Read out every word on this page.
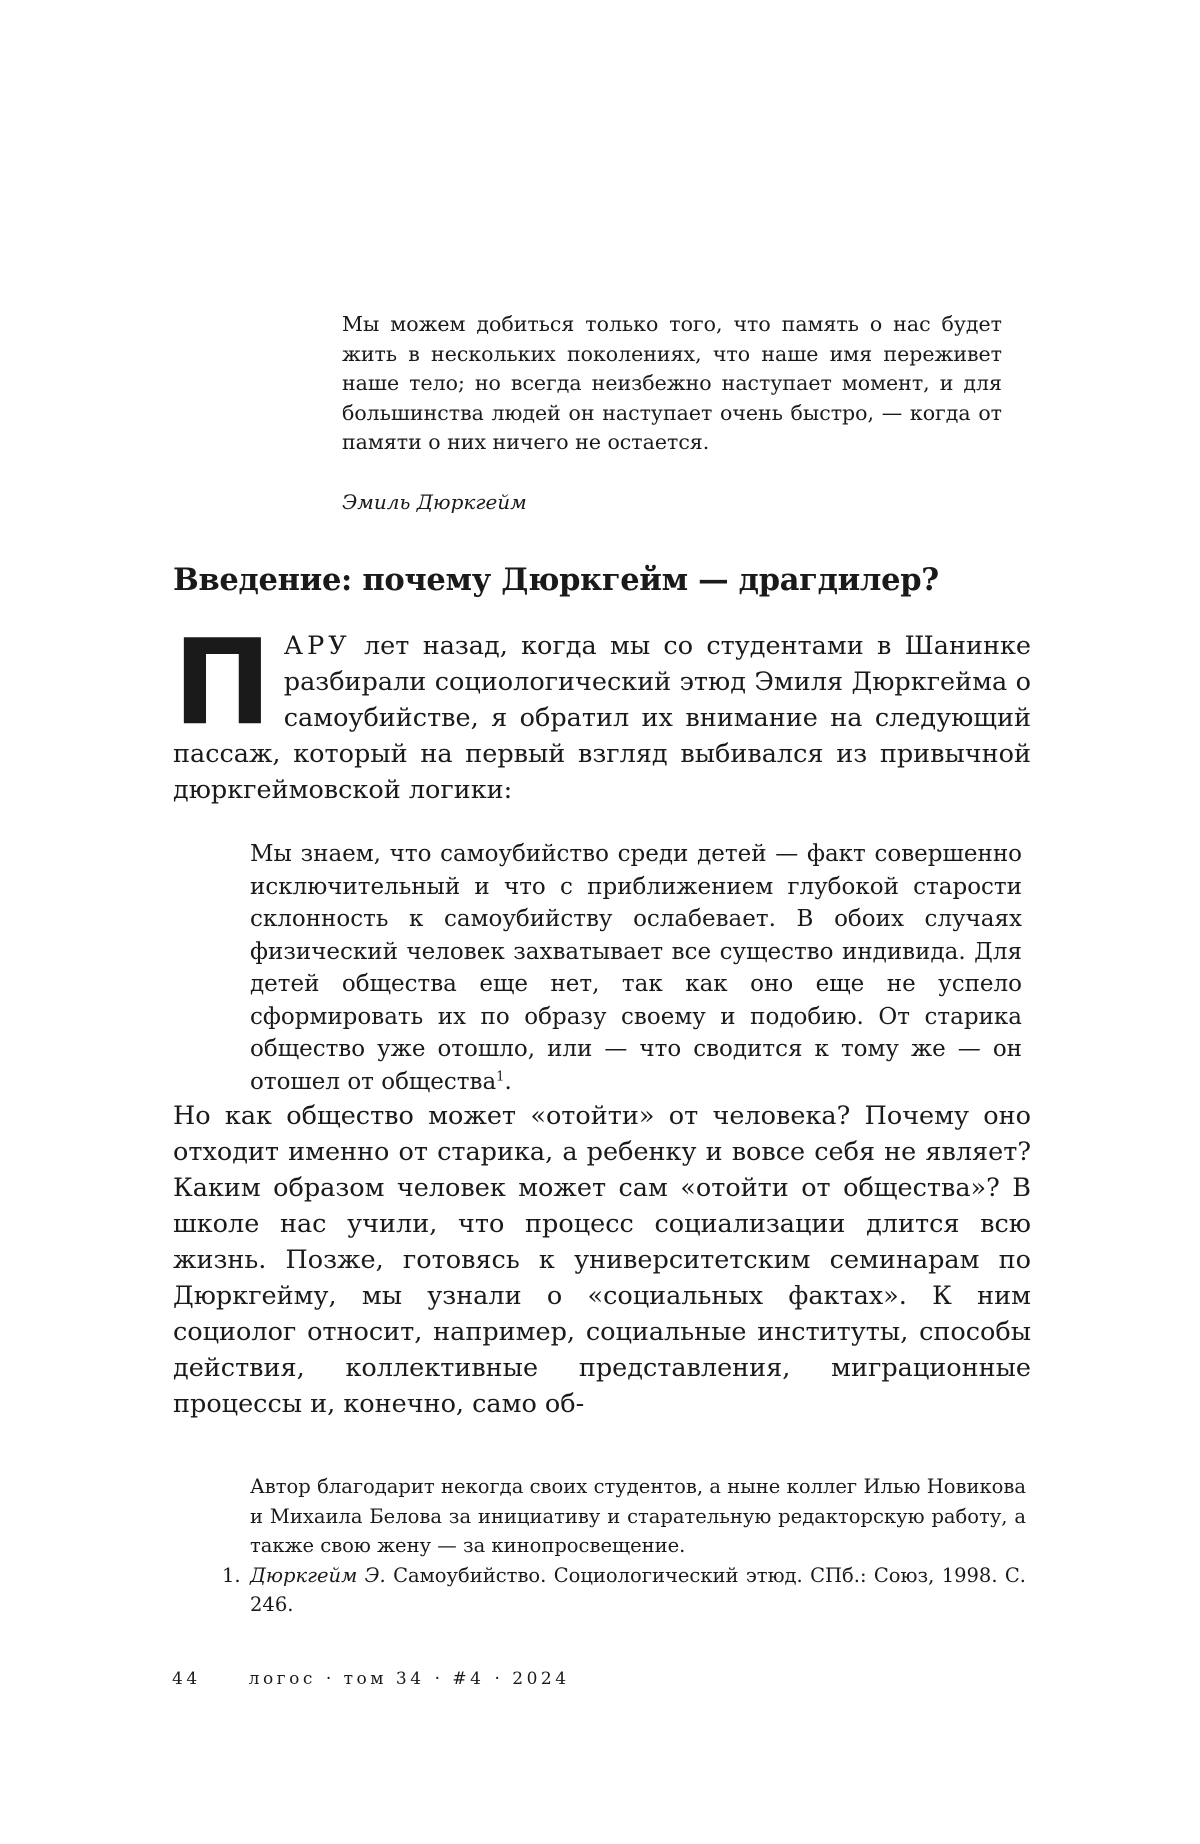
Мы можем добиться только того, что память о нас будет жить в нескольких поколениях, что наше имя переживет наше тело; но всегда неизбежно наступает момент, и для большинства людей он наступает очень быстро, — когда от памяти о них ничего не остается.
Эмиль Дюркгейм
Введение: почему Дюркгейм — драгдилер?

ПАРУ лет назад, когда мы со студентами в Шанинке разбирали социологический этюд Эмиля Дюркгейма о самоубийстве, я обратил их внимание на следующий пассаж, который на первый взгляд выбивался из привычной дюркгеймовской логики:

Мы знаем, что самоубийство среди детей — факт совершенно исключительный и что с приближением глубокой старости склонность к самоубийству ослабевает. В обоих случаях физический человек захватывает все существо индивида. Для детей общества еще нет, так как оно еще не успело сформировать их по образу своему и подобию. От старика общество уже отошло, или — что сводится к тому же — он отошел от общества$^1$.

Но как общество может «отойти» от человека? Почему оно отходит именно от старика, а ребенку и вовсе себя не являет? Каким образом человек может сам «отойти от общества»? В школе нас учили, что процесс социализации длится всю жизнь. Позже, готовясь к университетским семинарам по Дюркгейму, мы узнали о «социальных фактах». К ним социолог относит, например, социальные институты, способы действия, коллективные представления, миграционные процессы и, конечно, само об-

Автор благодарит некогда своих студентов, а ныне коллег Илью Новикова и Михаила Белова за инициативу и старательную редакторскую работу, а также свою жену — за кинопросвещение.

1. Дюркгейм Э. Самоубийство. Социологический этюд. СПб.: Союз, 1998. С. 246.

44	логос · том 34 · #4 · 2024
